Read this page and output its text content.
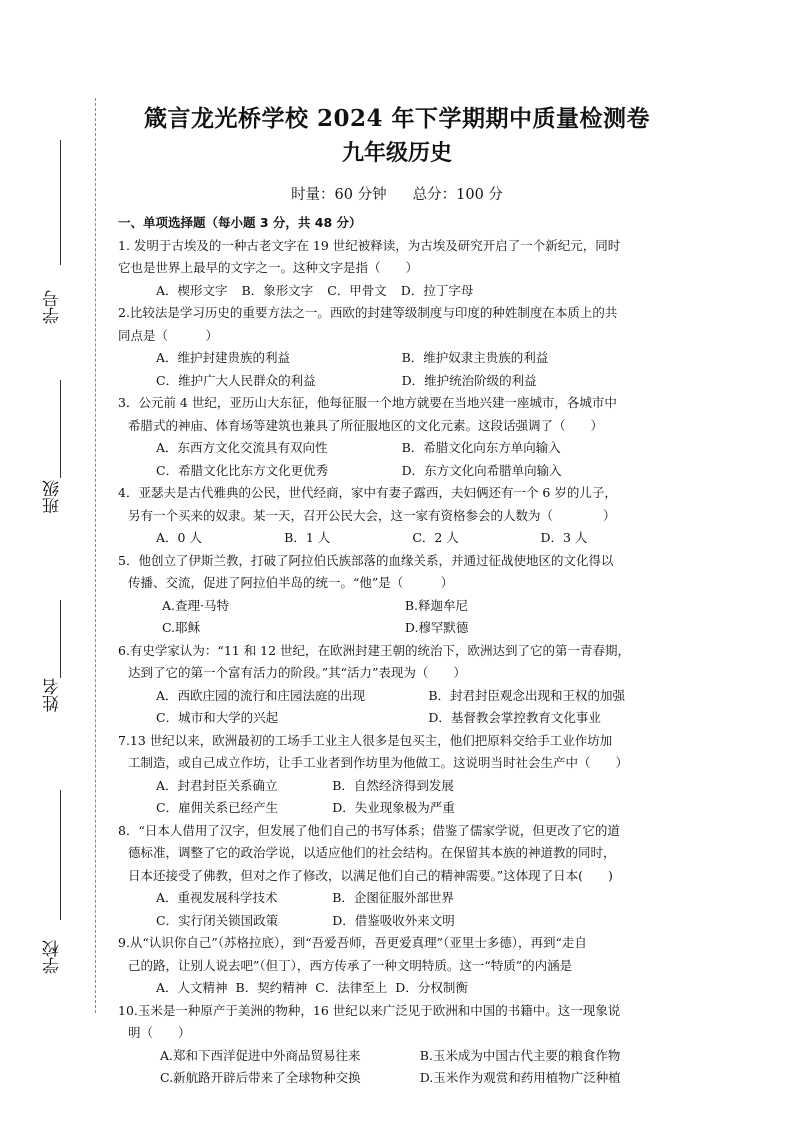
学号
班级
姓名
学校
箴言龙光桥学校 2024 年下学期期中质量检测卷
九年级历史
时量：60 分钟 总分：100 分
一、单项选择题（每小题 3 分，共 48 分）
1. 发明于古埃及的一种古老文字在 19 世纪被释读，为古埃及研究开启了一个新纪元，同时
它也是世界上最早的文字之一。这种文字是指（　　）
A．楔形文字 B．象形文字 C．甲骨文 D．拉丁字母
2.比较法是学习历史的重要方法之一。西欧的封建等级制度与印度的种姓制度在本质上的共
同点是（　　　）
A．维护封建贵族的利益	B．维护奴隶主贵族的利益
C．维护广大人民群众的利益	D．维护统治阶级的利益
3．公元前 4 世纪，亚历山大东征，他每征服一个地方就要在当地兴建一座城市，各城市中
希腊式的神庙、体育场等建筑也兼具了所征服地区的文化元素。这段话强调了（　　）
A．东西方文化交流具有双向性	B．希腊文化向东方单向输入
C．希腊文化比东方文化更优秀	D．东方文化向希腊单向输入
4．亚瑟夫是古代雅典的公民，世代经商，家中有妻子露西，夫妇俩还有一个 6 岁的儿子，
另有一个买来的奴隶。某一天，召开公民大会，这一家有资格参会的人数为（　　　　）
A．0 人	B．1 人	C．2 人	D．3 人
5．他创立了伊斯兰教，打破了阿拉伯氏族部落的血缘关系，并通过征战使地区的文化得以
传播、交流，促进了阿拉伯半岛的统一。“他”是（　　　）
A.查理·马特	B.释迦牟尼
C.耶稣	D.穆罕默德
6.有史学家认为：“11 和 12 世纪，在欧洲封建王朝的统治下，欧洲达到了它的第一青春期，
达到了它的第一个富有活力的阶段。”其“活力”表现为（　　）
A．西欧庄园的流行和庄园法庭的出现	B．封君封臣观念出现和王权的加强
C．城市和大学的兴起	D．基督教会掌控教育文化事业
7.13 世纪以来，欧洲最初的工场手工业主人很多是包买主，他们把原料交给手工业作坊加
工制造，或自己成立作坊，让手工业者到作坊里为他做工。这说明当时社会生产中（　　）
A．封君封臣关系确立	B．自然经济得到发展
C．雇佣关系已经产生	D．失业现象极为严重
8．“日本人借用了汉字，但发展了他们自己的书写体系；借鉴了儒家学说，但更改了它的道
德标准，调整了它的政治学说，以适应他们的社会结构。在保留其本族的神道教的同时，
日本还接受了佛教，但对之作了修改，以满足他们自己的精神需要。”这体现了日本(　　)
A．重视发展科学技术	B．企图征服外部世界
C．实行闭关锁国政策	D．借鉴吸收外来文明
9.从“认识你自己”（苏格拉底），到“吾爱吾师，吾更爱真理”（亚里士多德），再到“走自
己的路，让别人说去吧”（但丁），西方传承了一种文明特质。这一“特质”的内涵是
A．人文精神 B．契约精神 C．法律至上 D．分权制衡
10.玉米是一种原产于美洲的物种，16 世纪以来广泛见于欧洲和中国的书籍中。这一现象说
明（　　）
A.郑和下西洋促进中外商品贸易往来	B.玉米成为中国古代主要的粮食作物
C.新航路开辟后带来了全球物种交换	D.玉米作为观赏和药用植物广泛种植
